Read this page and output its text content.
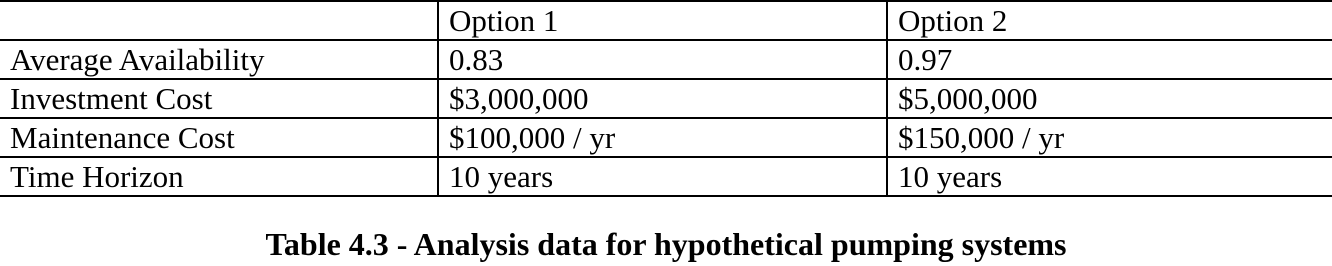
	Option 1	Option 2
Average Availability	0.83	0.97
Investment Cost	$3,000,000	$5,000,000
Maintenance Cost	$100,000 / yr	$150,000 / yr
Time Horizon	10 years	10 years
Table 4.3 - Analysis data for hypothetical pumping systems
